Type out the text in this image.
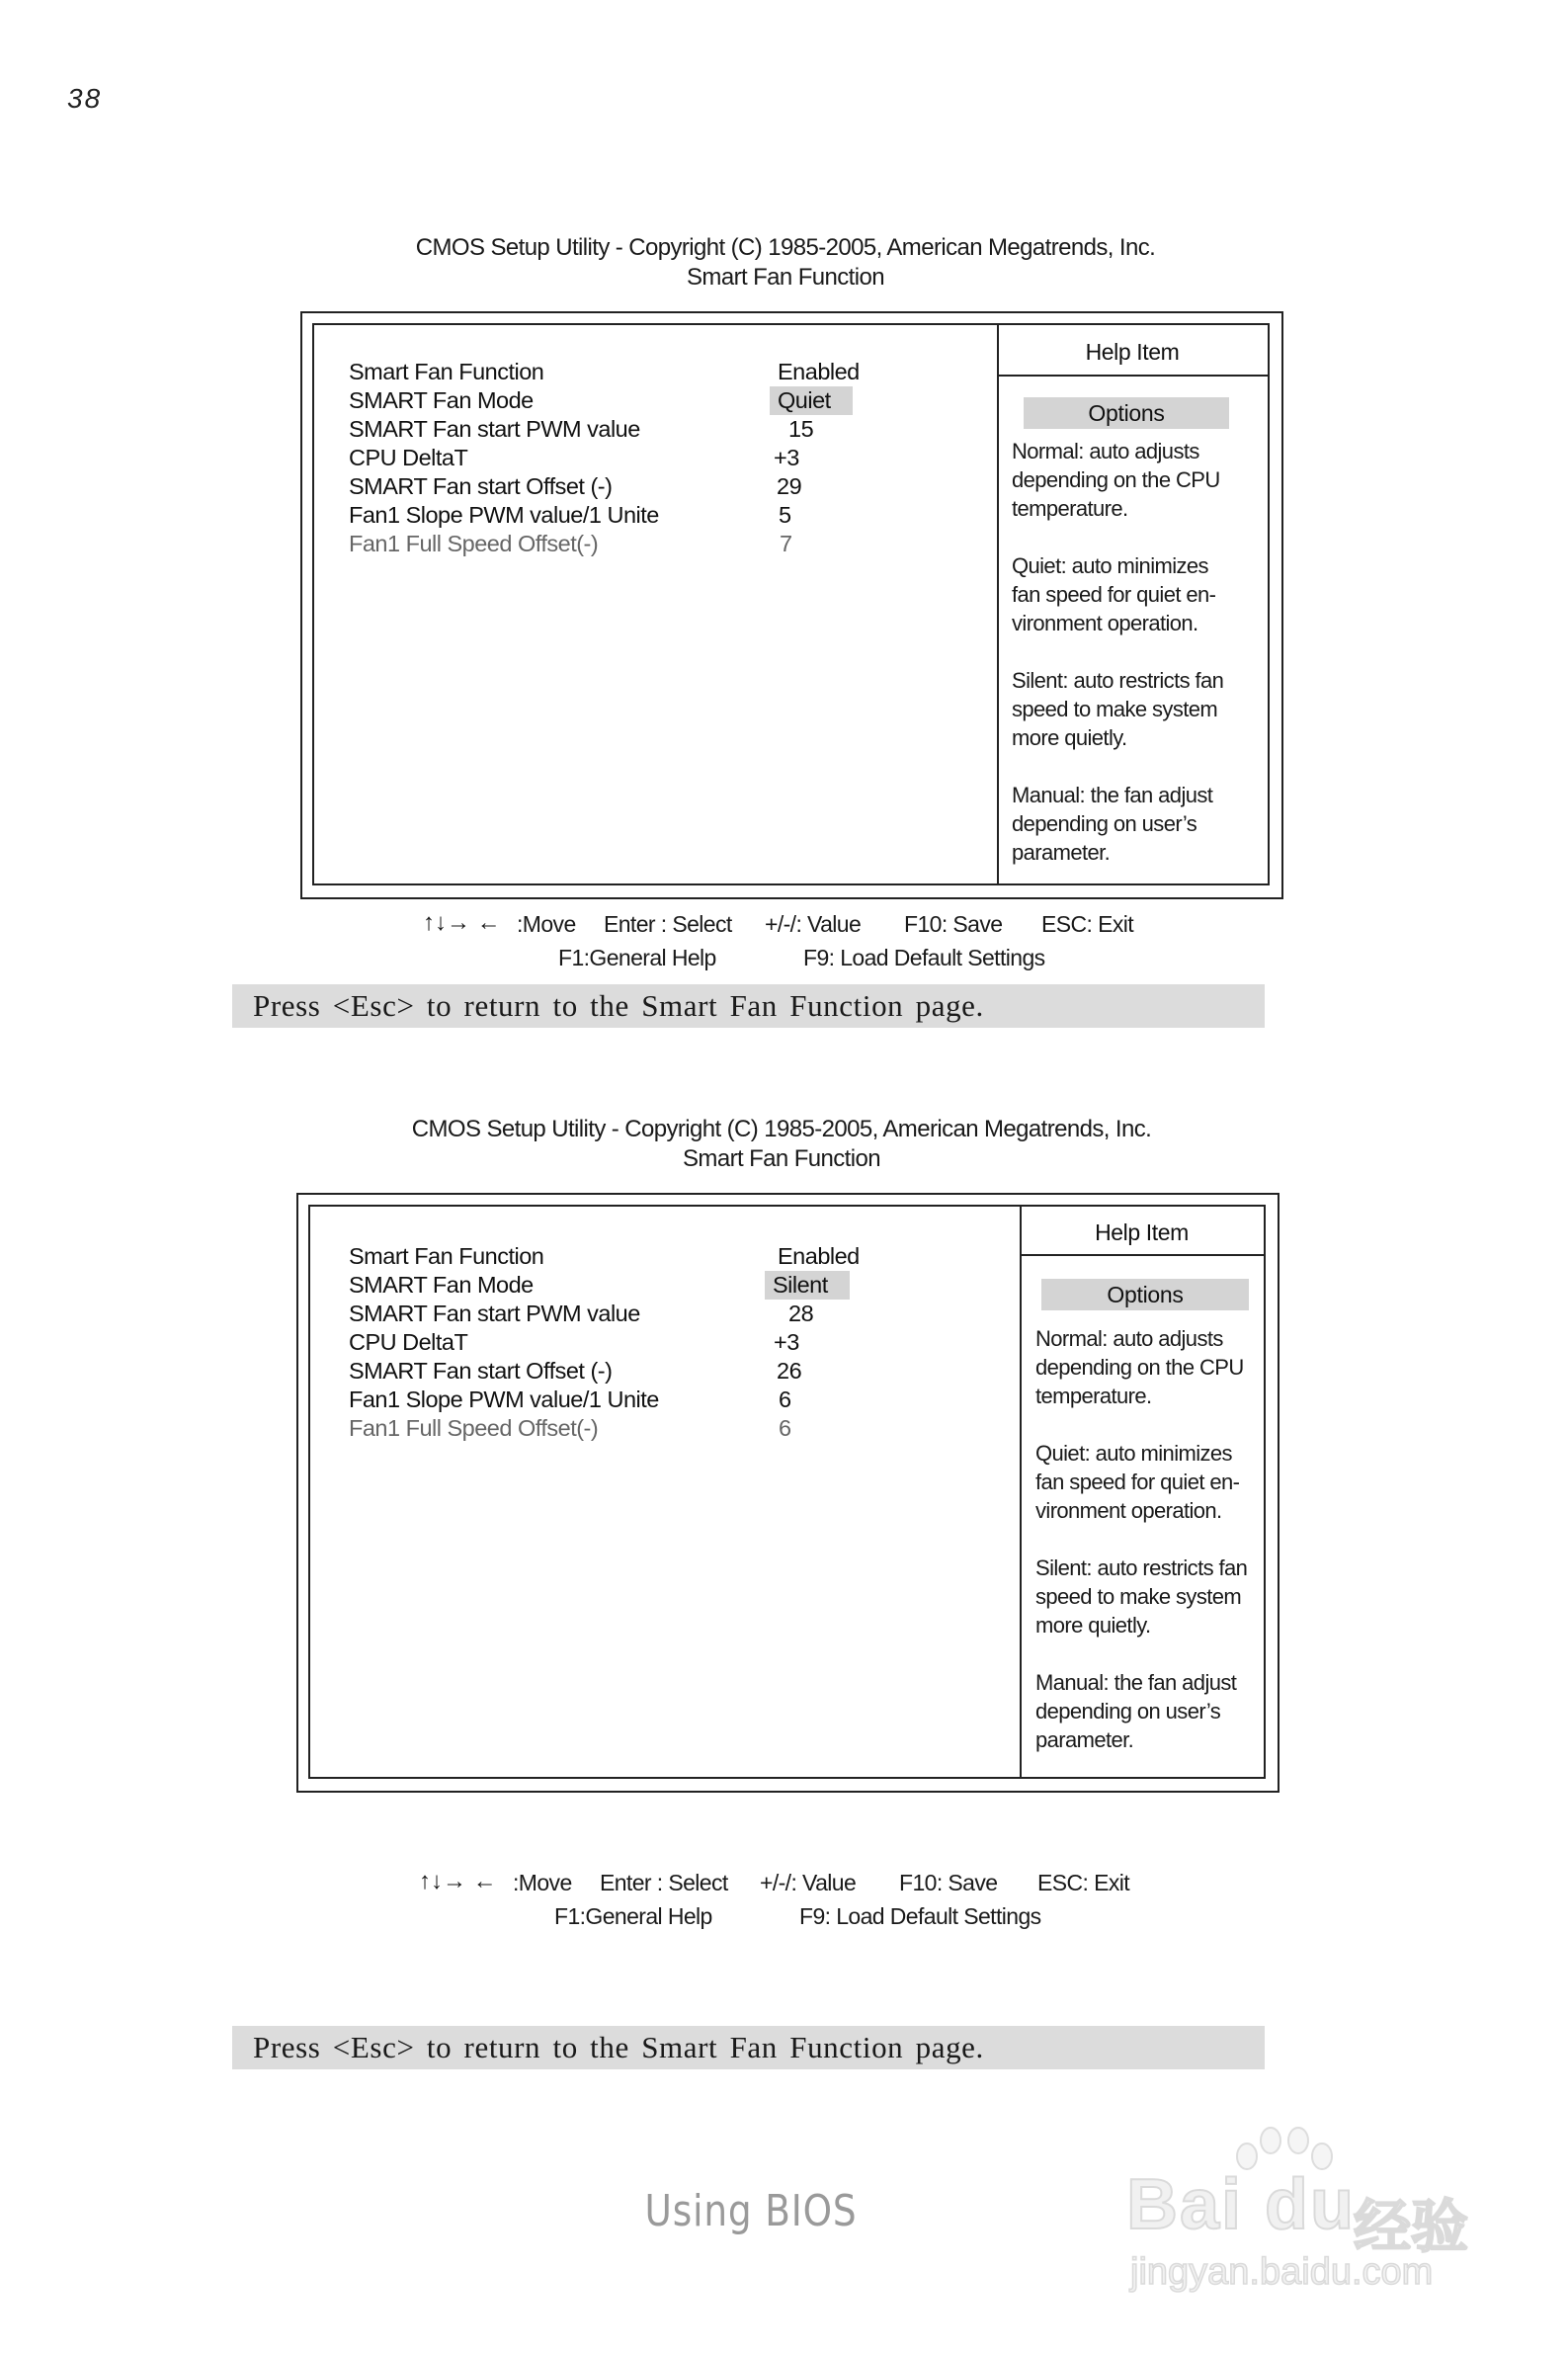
38
CMOS Setup Utility - Copyright (C) 1985-2005, American Megatrends, Inc.
Smart Fan Function
Help Item
Options
Normal: auto adjusts depending on the CPU temperature.
Quiet: auto minimizes fan speed for quiet en-vironment operation.
Silent: auto restricts fan speed to make system more quietly.
Manual: the fan adjust depending on user’s parameter.
Smart Fan Function	Enabled
SMART Fan Mode	Quiet
SMART Fan start PWM value	15
CPU DeltaT	+3
SMART Fan start Offset (-)	29
Fan1 Slope PWM value/1 Unite	5
Fan1 Full Speed Offset(-)	7
↑↓→ ← :Move Enter : Select +/-/: Value F10: Save ESC: Exit
F1:General Help	F9: Load Default Settings
Press <Esc> to return to the Smart Fan Function page.
CMOS Setup Utility - Copyright (C) 1985-2005, American Megatrends, Inc.
Smart Fan Function
Help Item
Options
Normal: auto adjusts depending on the CPU temperature.
Quiet: auto minimizes fan speed for quiet en-vironment operation.
Silent: auto restricts fan speed to make system more quietly.
Manual: the fan adjust depending on user’s parameter.
Smart Fan Function	Enabled
SMART Fan Mode	Silent
SMART Fan start PWM value	28
CPU DeltaT	+3
SMART Fan start Offset (-)	26
Fan1 Slope PWM value/1 Unite	6
Fan1 Full Speed Offset(-)	6
↑↓→ ← :Move Enter : Select +/-/: Value F10: Save ESC: Exit
F1:General Help	F9: Load Default Settings
Press <Esc> to return to the Smart Fan Function page.
Using BIOS	Bai du
经验
jingyan.baidu.com
